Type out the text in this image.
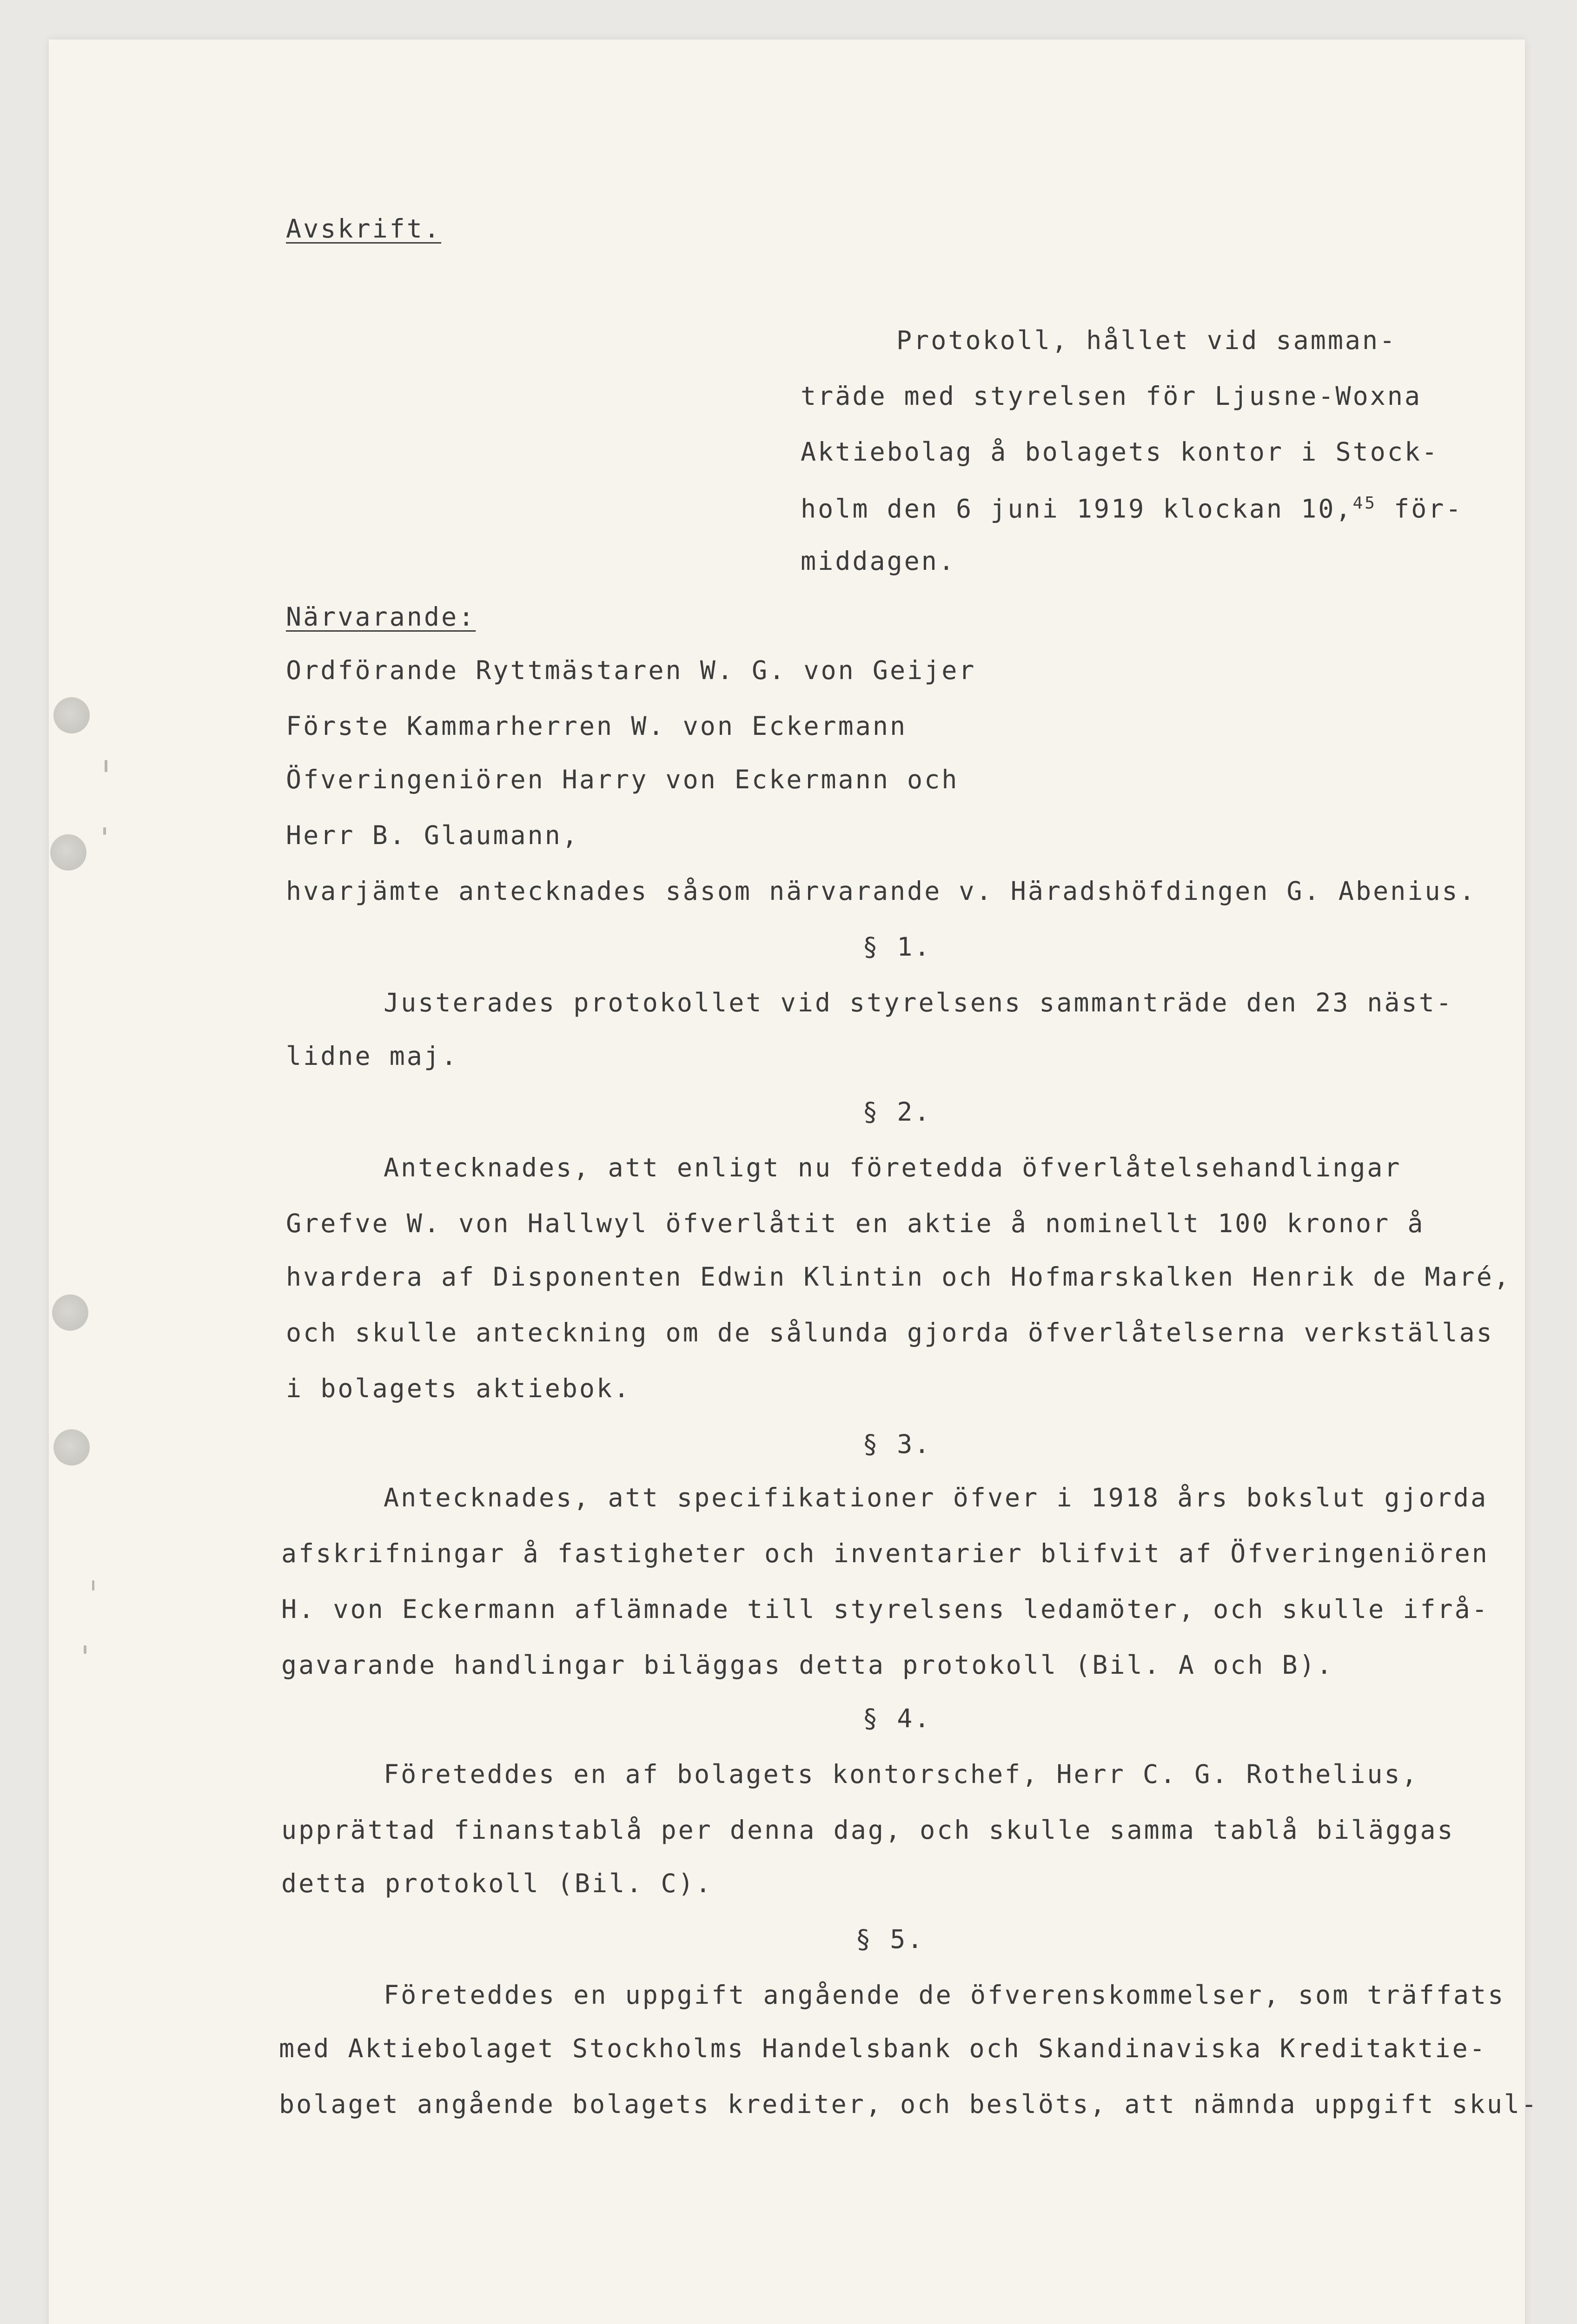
Avskrift.
Protokoll, hållet vid samman-
träde med styrelsen för Ljusne-Woxna
Aktiebolag å bolagets kontor i Stock-
holm den 6 juni 1919 klockan 10,45 för-
middagen.
Närvarande:
Ordförande Ryttmästaren W. G. von Geijer
Förste Kammarherren W. von Eckermann
Öfveringeniören Harry von Eckermann och
Herr B. Glaumann,
hvarjämte antecknades såsom närvarande v. Häradshöfdingen G. Abenius.
§ 1.
Justerades protokollet vid styrelsens sammanträde den 23 näst-
lidne maj.
§ 2.
Antecknades, att enligt nu företedda öfverlåtelsehandlingar
Grefve W. von Hallwyl öfverlåtit en aktie å nominellt 100 kronor å
hvardera af Disponenten Edwin Klintin och Hofmarskalken Henrik de Maré,
och skulle anteckning om de sålunda gjorda öfverlåtelserna verkställas
i bolagets aktiebok.
§ 3.
Antecknades, att specifikationer öfver i 1918 års bokslut gjorda
afskrifningar å fastigheter och inventarier blifvit af Öfveringeniören
H. von Eckermann aflämnade till styrelsens ledamöter, och skulle ifrå-
gavarande handlingar biläggas detta protokoll (Bil. A och B).
§ 4.
Företeddes en af bolagets kontorschef, Herr C. G. Rothelius,
upprättad finanstablå per denna dag, och skulle samma tablå biläggas
detta protokoll (Bil. C).
§ 5.
Företeddes en uppgift angående de öfverenskommelser, som träffats
med Aktiebolaget Stockholms Handelsbank och Skandinaviska Kreditaktie-
bolaget angående bolagets krediter, och beslöts, att nämnda uppgift skul-
